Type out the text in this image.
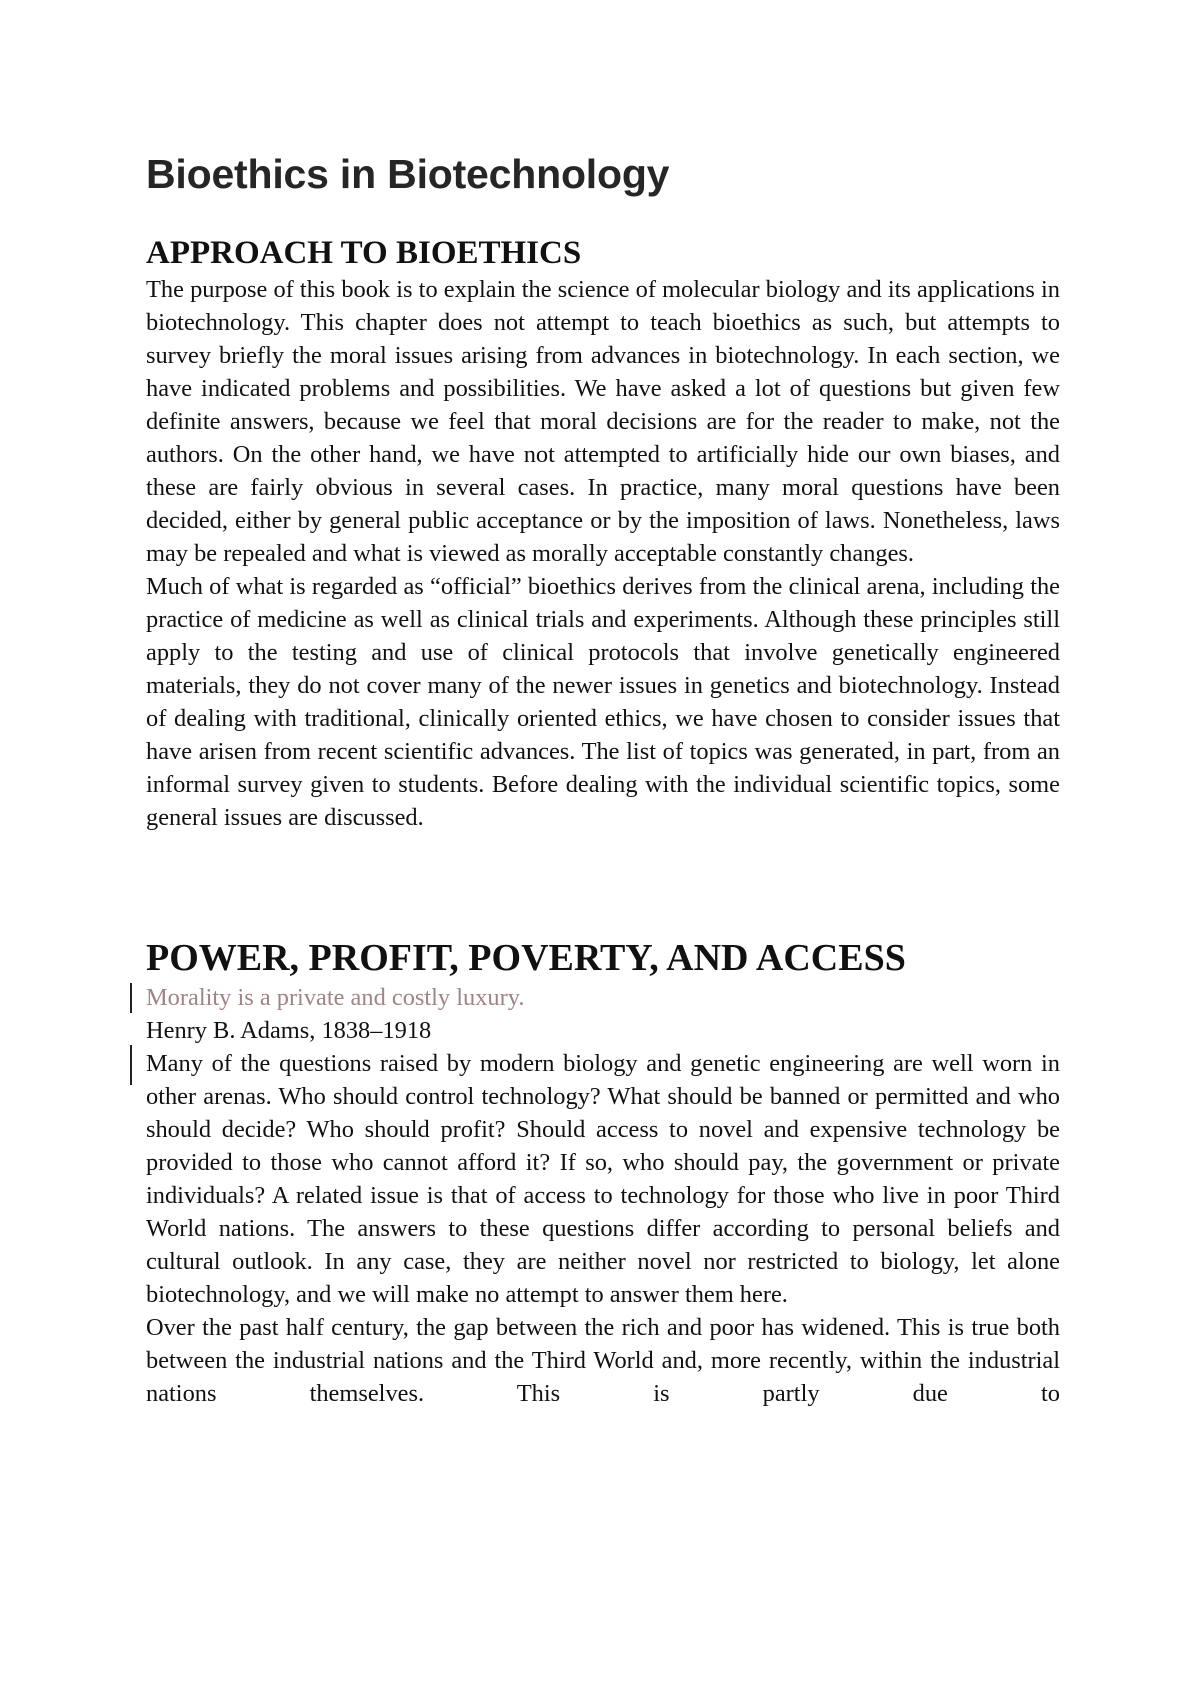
Bioethics in Biotechnology
APPROACH TO BIOETHICS

The purpose of this book is to explain the science of molecular biology and its applications in biotechnology. This chapter does not attempt to teach bioethics as such, but attempts to survey briefly the moral issues arising from advances in biotechnology. In each section, we have indicated problems and possibilities. We have asked a lot of questions but given few definite answers, because we feel that moral decisions are for the reader to make, not the authors. On the other hand, we have not attempted to artificially hide our own biases, and these are fairly obvious in several cases. In practice, many moral questions have been decided, either by general public acceptance or by the imposition of laws. Nonetheless, laws may be repealed and what is viewed as morally acceptable constantly changes.

Much of what is regarded as “official” bioethics derives from the clinical arena, including the practice of medicine as well as clinical trials and experiments. Although these principles still apply to the testing and use of clinical protocols that involve genetically engineered materials, they do not cover many of the newer issues in genetics and biotechnology. Instead of dealing with traditional, clinically oriented ethics, we have chosen to consider issues that have arisen from recent scientific advances. The list of topics was generated, in part, from an informal survey given to students. Before dealing with the individual scientific topics, some general issues are discussed.

POWER, PROFIT, POVERTY, AND ACCESS

Morality is a private and costly luxury.

Henry B. Adams, 1838–1918

Many of the questions raised by modern biology and genetic engineering are well worn in other arenas. Who should control technology? What should be banned or permitted and who should decide? Who should profit? Should access to novel and expensive technology be provided to those who cannot afford it? If so, who should pay, the government or private individuals? A related issue is that of access to technology for those who live in poor Third World nations. The answers to these questions differ according to personal beliefs and cultural outlook. In any case, they are neither novel nor restricted to biology, let alone biotechnology, and we will make no attempt to answer them here.

Over the past half century, the gap between the rich and poor has widened. This is true both between the industrial nations and the Third World and, more recently, within the industrial nations themselves. This is partly due to
